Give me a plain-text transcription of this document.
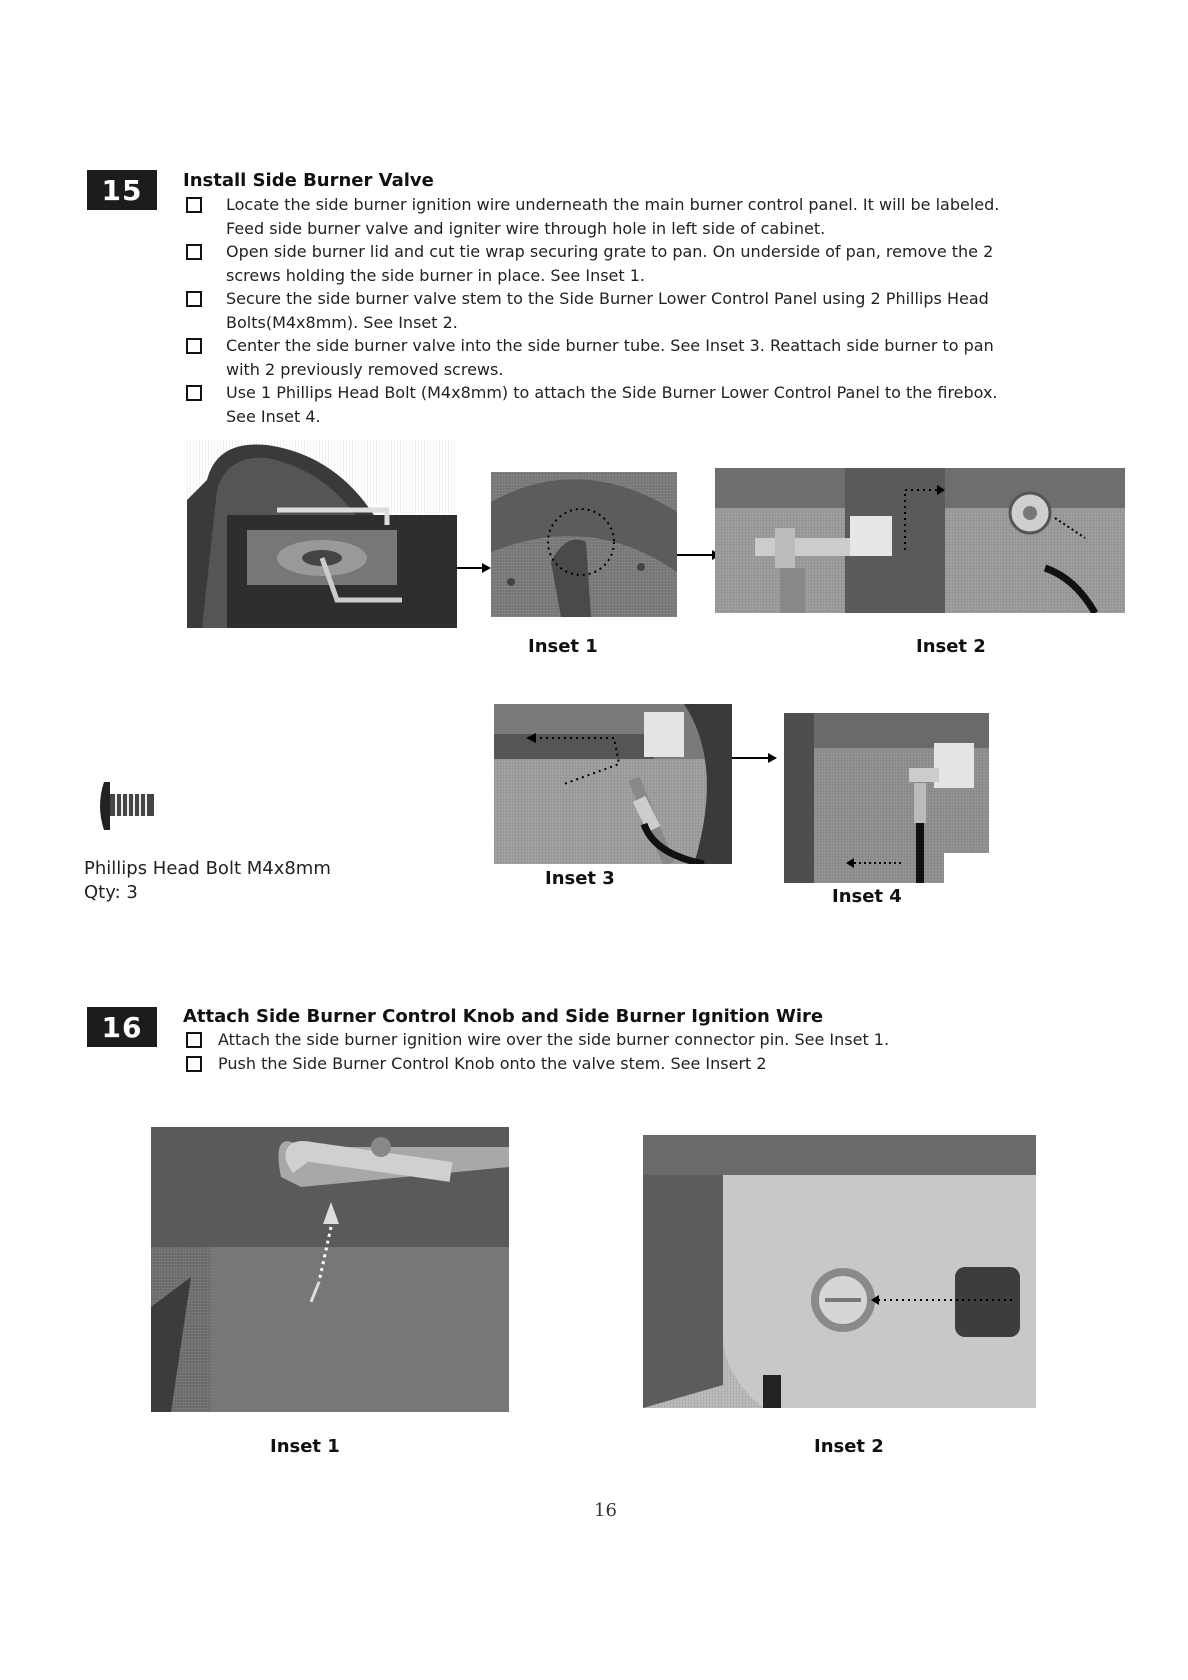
15	Install Side Burner Valve
Locate the side burner ignition wire underneath the main burner control panel. It will be labeled.
Feed side burner valve and igniter wire through hole in left side of cabinet.
Open side burner lid and cut tie wrap securing grate to pan. On underside of pan, remove the 2
screws holding the side burner in place. See Inset 1.
Secure the side burner valve stem to the Side Burner Lower Control Panel using 2 Phillips Head
Bolts(M4x8mm). See Inset 2.
Center the side burner valve into the side burner tube. See Inset 3. Reattach side burner to pan
with 2 previously removed screws.
Use 1 Phillips Head Bolt (M4x8mm) to attach the Side Burner Lower Control Panel to the firebox.
See Inset 4.
Inset 1	Inset 2
Phillips Head Bolt M4x8mm
Qty: 3
Inset 3
Inset 4
16	Attach Side Burner Control Knob and Side Burner Ignition Wire
Attach the side burner ignition wire over the side burner connector pin. See Inset 1.
Push the Side Burner Control Knob onto the valve stem. See Insert 2
Inset 1	Inset 2
16
